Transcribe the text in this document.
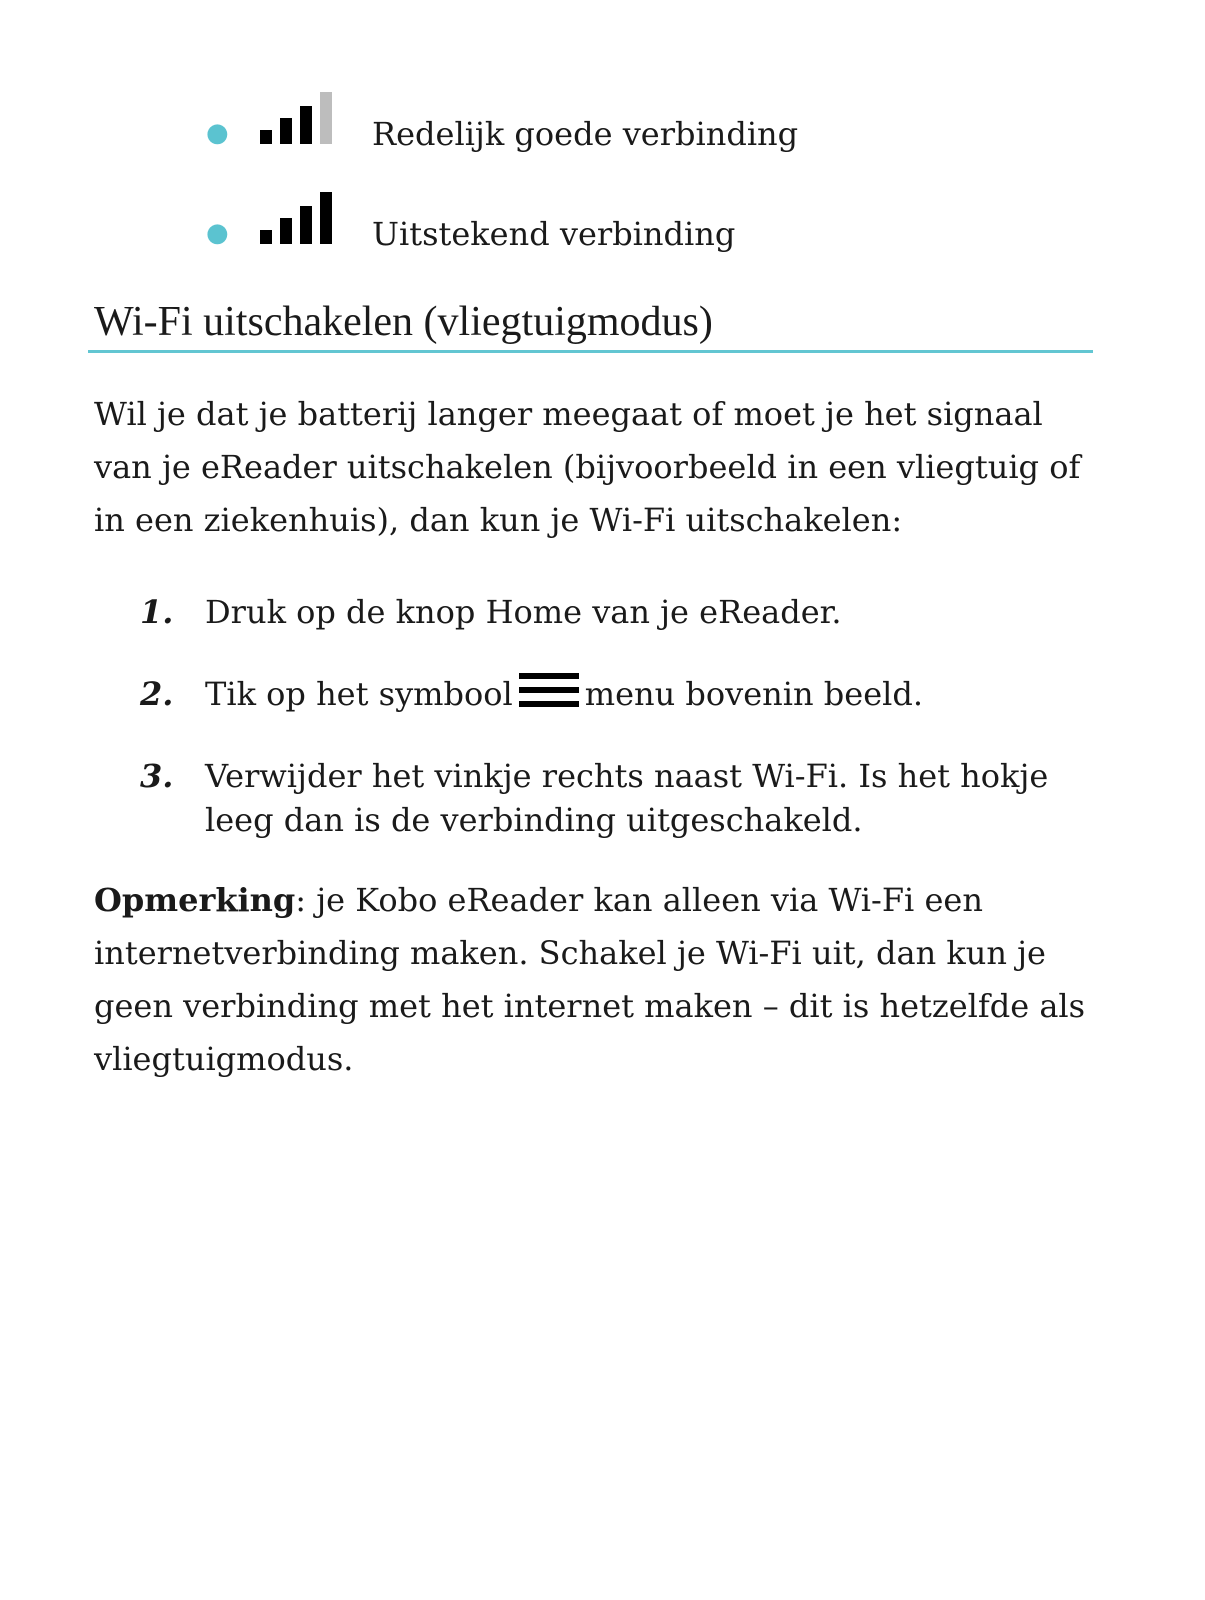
●	Redelijk goede verbinding
●	Uitstekend verbinding
Wi-Fi uitschakelen (vliegtuigmodus)

Wil je dat je batterij langer meegaat of moet je het signaal van je eReader uitschakelen (bijvoorbeeld in een vliegtuig of in een ziekenhuis), dan kun je Wi-Fi uitschakelen:

1. Druk op de knop Home van je eReader.
2. Tik op het symbool menu bovenin beeld.
3. Verwijder het vinkje rechts naast Wi-Fi. Is het hokje leeg dan is de verbinding uitgeschakeld.

Opmerking: je Kobo eReader kan alleen via Wi-Fi een internetverbinding maken. Schakel je Wi-Fi uit, dan kun je geen verbinding met het internet maken – dit is hetzelfde als vliegtuigmodus.
